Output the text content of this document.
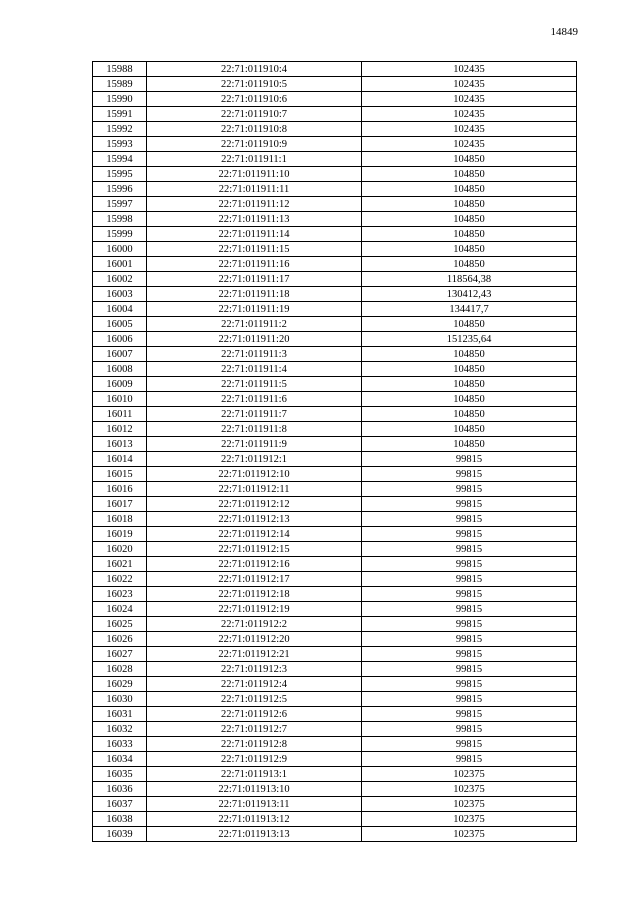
14849
15988	22:71:011910:4	102435
15989	22:71:011910:5	102435
15990	22:71:011910:6	102435
15991	22:71:011910:7	102435
15992	22:71:011910:8	102435
15993	22:71:011910:9	102435
15994	22:71:011911:1	104850
15995	22:71:011911:10	104850
15996	22:71:011911:11	104850
15997	22:71:011911:12	104850
15998	22:71:011911:13	104850
15999	22:71:011911:14	104850
16000	22:71:011911:15	104850
16001	22:71:011911:16	104850
16002	22:71:011911:17	118564,38
16003	22:71:011911:18	130412,43
16004	22:71:011911:19	134417,7
16005	22:71:011911:2	104850
16006	22:71:011911:20	151235,64
16007	22:71:011911:3	104850
16008	22:71:011911:4	104850
16009	22:71:011911:5	104850
16010	22:71:011911:6	104850
16011	22:71:011911:7	104850
16012	22:71:011911:8	104850
16013	22:71:011911:9	104850
16014	22:71:011912:1	99815
16015	22:71:011912:10	99815
16016	22:71:011912:11	99815
16017	22:71:011912:12	99815
16018	22:71:011912:13	99815
16019	22:71:011912:14	99815
16020	22:71:011912:15	99815
16021	22:71:011912:16	99815
16022	22:71:011912:17	99815
16023	22:71:011912:18	99815
16024	22:71:011912:19	99815
16025	22:71:011912:2	99815
16026	22:71:011912:20	99815
16027	22:71:011912:21	99815
16028	22:71:011912:3	99815
16029	22:71:011912:4	99815
16030	22:71:011912:5	99815
16031	22:71:011912:6	99815
16032	22:71:011912:7	99815
16033	22:71:011912:8	99815
16034	22:71:011912:9	99815
16035	22:71:011913:1	102375
16036	22:71:011913:10	102375
16037	22:71:011913:11	102375
16038	22:71:011913:12	102375
16039	22:71:011913:13	102375
